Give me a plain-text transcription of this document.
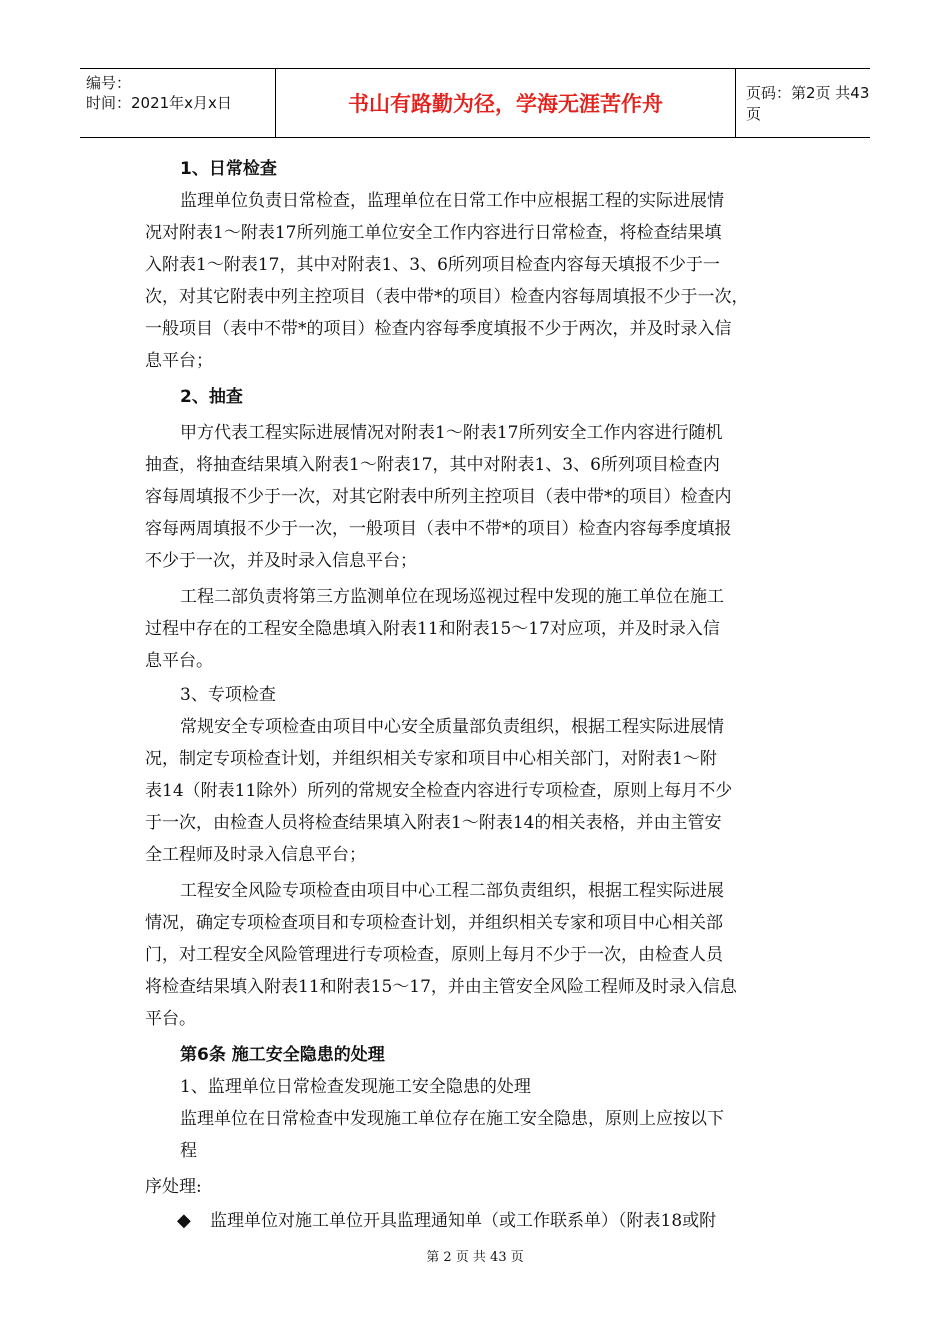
编号：
时间：2021年x月x日	书山有路勤为径，学海无涯苦作舟	页码：第2页 共43页
1、日常检查
监理单位负责日常检查，监理单位在日常工作中应根据工程的实际进展情
况对附表1～附表17所列施工单位安全工作内容进行日常检查，将检查结果填
入附表1～附表17，其中对附表1、3、6所列项目检查内容每天填报不少于一
次，对其它附表中列主控项目（表中带*的项目）检查内容每周填报不少于一次，
一般项目（表中不带*的项目）检查内容每季度填报不少于两次，并及时录入信
息平台；
2、抽查
甲方代表工程实际进展情况对附表1～附表17所列安全工作内容进行随机
抽查，将抽查结果填入附表1～附表17，其中对附表1、3、6所列项目检查内
容每周填报不少于一次，对其它附表中所列主控项目（表中带*的项目）检查内
容每两周填报不少于一次，一般项目（表中不带*的项目）检查内容每季度填报
不少于一次，并及时录入信息平台；
工程二部负责将第三方监测单位在现场巡视过程中发现的施工单位在施工
过程中存在的工程安全隐患填入附表11和附表15～17对应项，并及时录入信
息平台。
3、专项检查
常规安全专项检查由项目中心安全质量部负责组织，根据工程实际进展情
况，制定专项检查计划，并组织相关专家和项目中心相关部门，对附表1～附
表14（附表11除外）所列的常规安全检查内容进行专项检查，原则上每月不少
于一次，由检查人员将检查结果填入附表1～附表14的相关表格，并由主管安
全工程师及时录入信息平台；
工程安全风险专项检查由项目中心工程二部负责组织，根据工程实际进展
情况，确定专项检查项目和专项检查计划，并组织相关专家和项目中心相关部
门，对工程安全风险管理进行专项检查，原则上每月不少于一次，由检查人员
将检查结果填入附表11和附表15～17，并由主管安全风险工程师及时录入信息
平台。
第6条 施工安全隐患的处理
1、监理单位日常检查发现施工安全隐患的处理
监理单位在日常检查中发现施工单位存在施工安全隐患，原则上应按以下
程
序处理:
◆ 监理单位对施工单位开具监理通知单（或工作联系单）（附表18或附
第 2 页 共 43 页
